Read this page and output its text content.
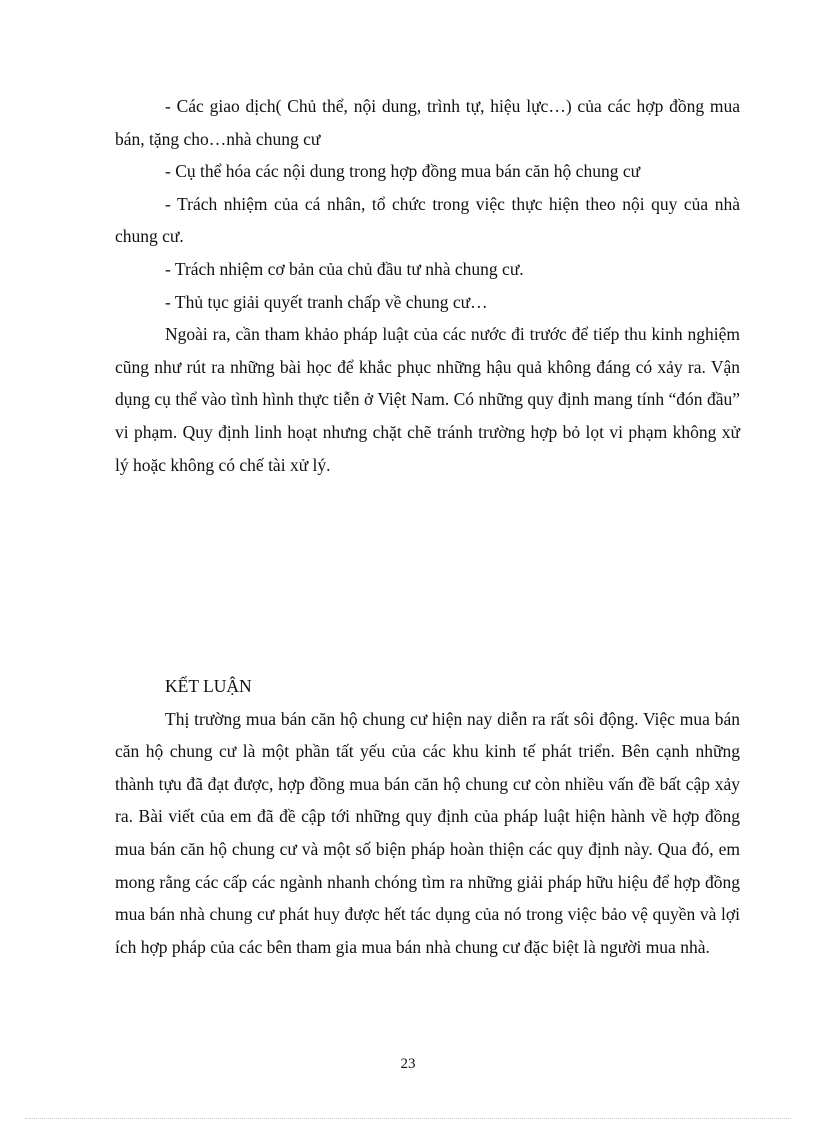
- Các giao dịch( Chủ thể, nội dung, trình tự, hiệu lực…) của các hợp đồng mua bán, tặng cho…nhà chung cư

- Cụ thể hóa các nội dung trong hợp đồng mua bán căn hộ chung cư

- Trách nhiệm của cá nhân, tổ chức trong việc thực hiện theo nội quy của nhà chung cư.

- Trách nhiệm cơ bản của chủ đầu tư nhà chung cư.

- Thủ tục giải quyết tranh chấp về chung cư…

Ngoài ra, cần tham khảo pháp luật của các nước đi trước để tiếp thu kinh nghiệm cũng như rút ra những bài học để khắc phục những hậu quả không đáng có xảy ra. Vận dụng cụ thể vào tình hình thực tiễn ở Việt Nam. Có những quy định mang tính “đón đầu” vi phạm. Quy định linh hoạt nhưng chặt chẽ tránh trường hợp bỏ lọt vi phạm không xử lý hoặc không có chế tài xử lý.

KẾT LUẬN

Thị trường mua bán căn hộ chung cư hiện nay diễn ra rất sôi động. Việc mua bán căn hộ chung cư là một phần tất yếu của các khu kinh tế phát triển. Bên cạnh những thành tựu đã đạt được, hợp đồng mua bán căn hộ chung cư còn nhiều vấn đề bất cập xảy ra. Bài viết của em đã đề cập tới những quy định của pháp luật hiện hành về hợp đồng mua bán căn hộ chung cư và một số biện pháp hoàn thiện các quy định này. Qua đó, em mong rằng các cấp các ngành nhanh chóng tìm ra những giải pháp hữu hiệu để hợp đồng mua bán nhà chung cư phát huy được hết tác dụng của nó trong việc bảo vệ quyền và lợi ích hợp pháp của các bên tham gia mua bán nhà chung cư đặc biệt là người mua nhà.

23
